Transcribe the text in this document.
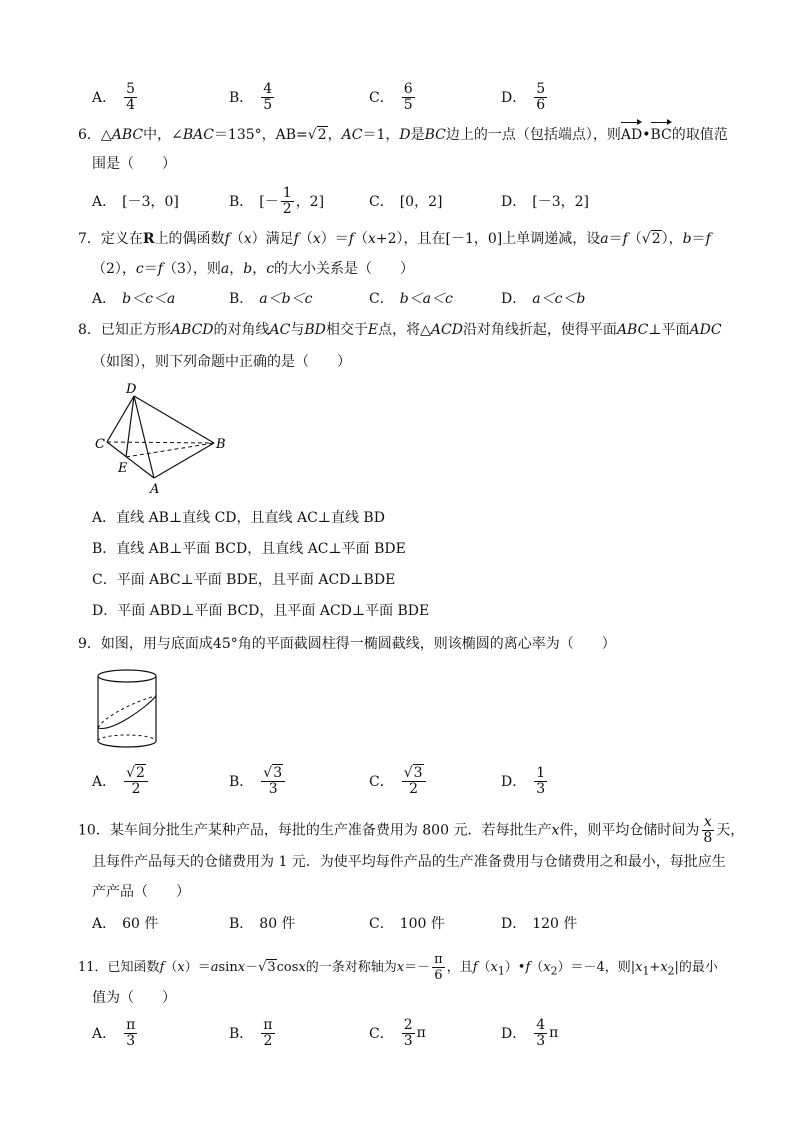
A． $\frac{5}{4}$	B． $\frac{4}{5}$	C． $\frac{6}{5}$	D． $\frac{5}{6}$
6．△ABC中，∠BAC＝135°，AB=√2，AC＝1，D是BC边上的一点（包括端点），则AD•BC的取值范
围是（　　）
A． [－3，0]	B． [－ $\frac{1}{2}$ ，2]	C． [0，2]	D． [－3，2]
7．定义在R上的偶函数f（x）满足f（x）＝f（x+2），且在[－1，0]上单调递减，设a＝f（√2），b＝f
（2），c＝f（3），则a，b，c的大小关系是（　　）
A． b＜c＜a	B． a＜b＜c	C． b＜a＜c	D． a＜c＜b
8．已知正方形ABCD的对角线AC与BD相交于E点，将△ACD沿对角线折起，使得平面ABC⊥平面ADC
（如图），则下列命题中正确的是（　　）
D
C	B
E
A
A．直线 AB⊥直线 CD，且直线 AC⊥直线 BD
B．直线 AB⊥平面 BCD，且直线 AC⊥平面 BDE
C．平面 ABC⊥平面 BDE，且平面 ACD⊥BDE
D．平面 ABD⊥平面 BCD，且平面 ACD⊥平面 BDE
9．如图，用与底面成45°角的平面截圆柱得一椭圆截线，则该椭圆的离心率为（　　）
A． $\frac{√2}{2}$	B． $\frac{√3}{3}$	C． $\frac{√3}{2}$	D． $\frac{1}{3}$
10．某车间分批生产某种产品，每批的生产准备费用为 800 元．若每批生产x件，则平均仓储时间为 $\frac{x}{8}$ 天，
且每件产品每天的仓储费用为 1 元．为使平均每件产品的生产准备费用与仓储费用之和最小，每批应生
产产品（　　）
A． 60 件	B． 80 件	C． 100 件	D． 120 件
11．已知函数f（x）＝asinx－√3cosx的一条对称轴为$x=- \frac{\pi}{6}$ ，且$f(x_1)•f(x_2)=-4$，则$|x_1+x_2|$的最小
值为（　　）
A． $\frac{\pi}{3}$	B． $\frac{\pi}{2}$	C． $\frac{2}{3}$ π	D． $\frac{4}{3}$ π
